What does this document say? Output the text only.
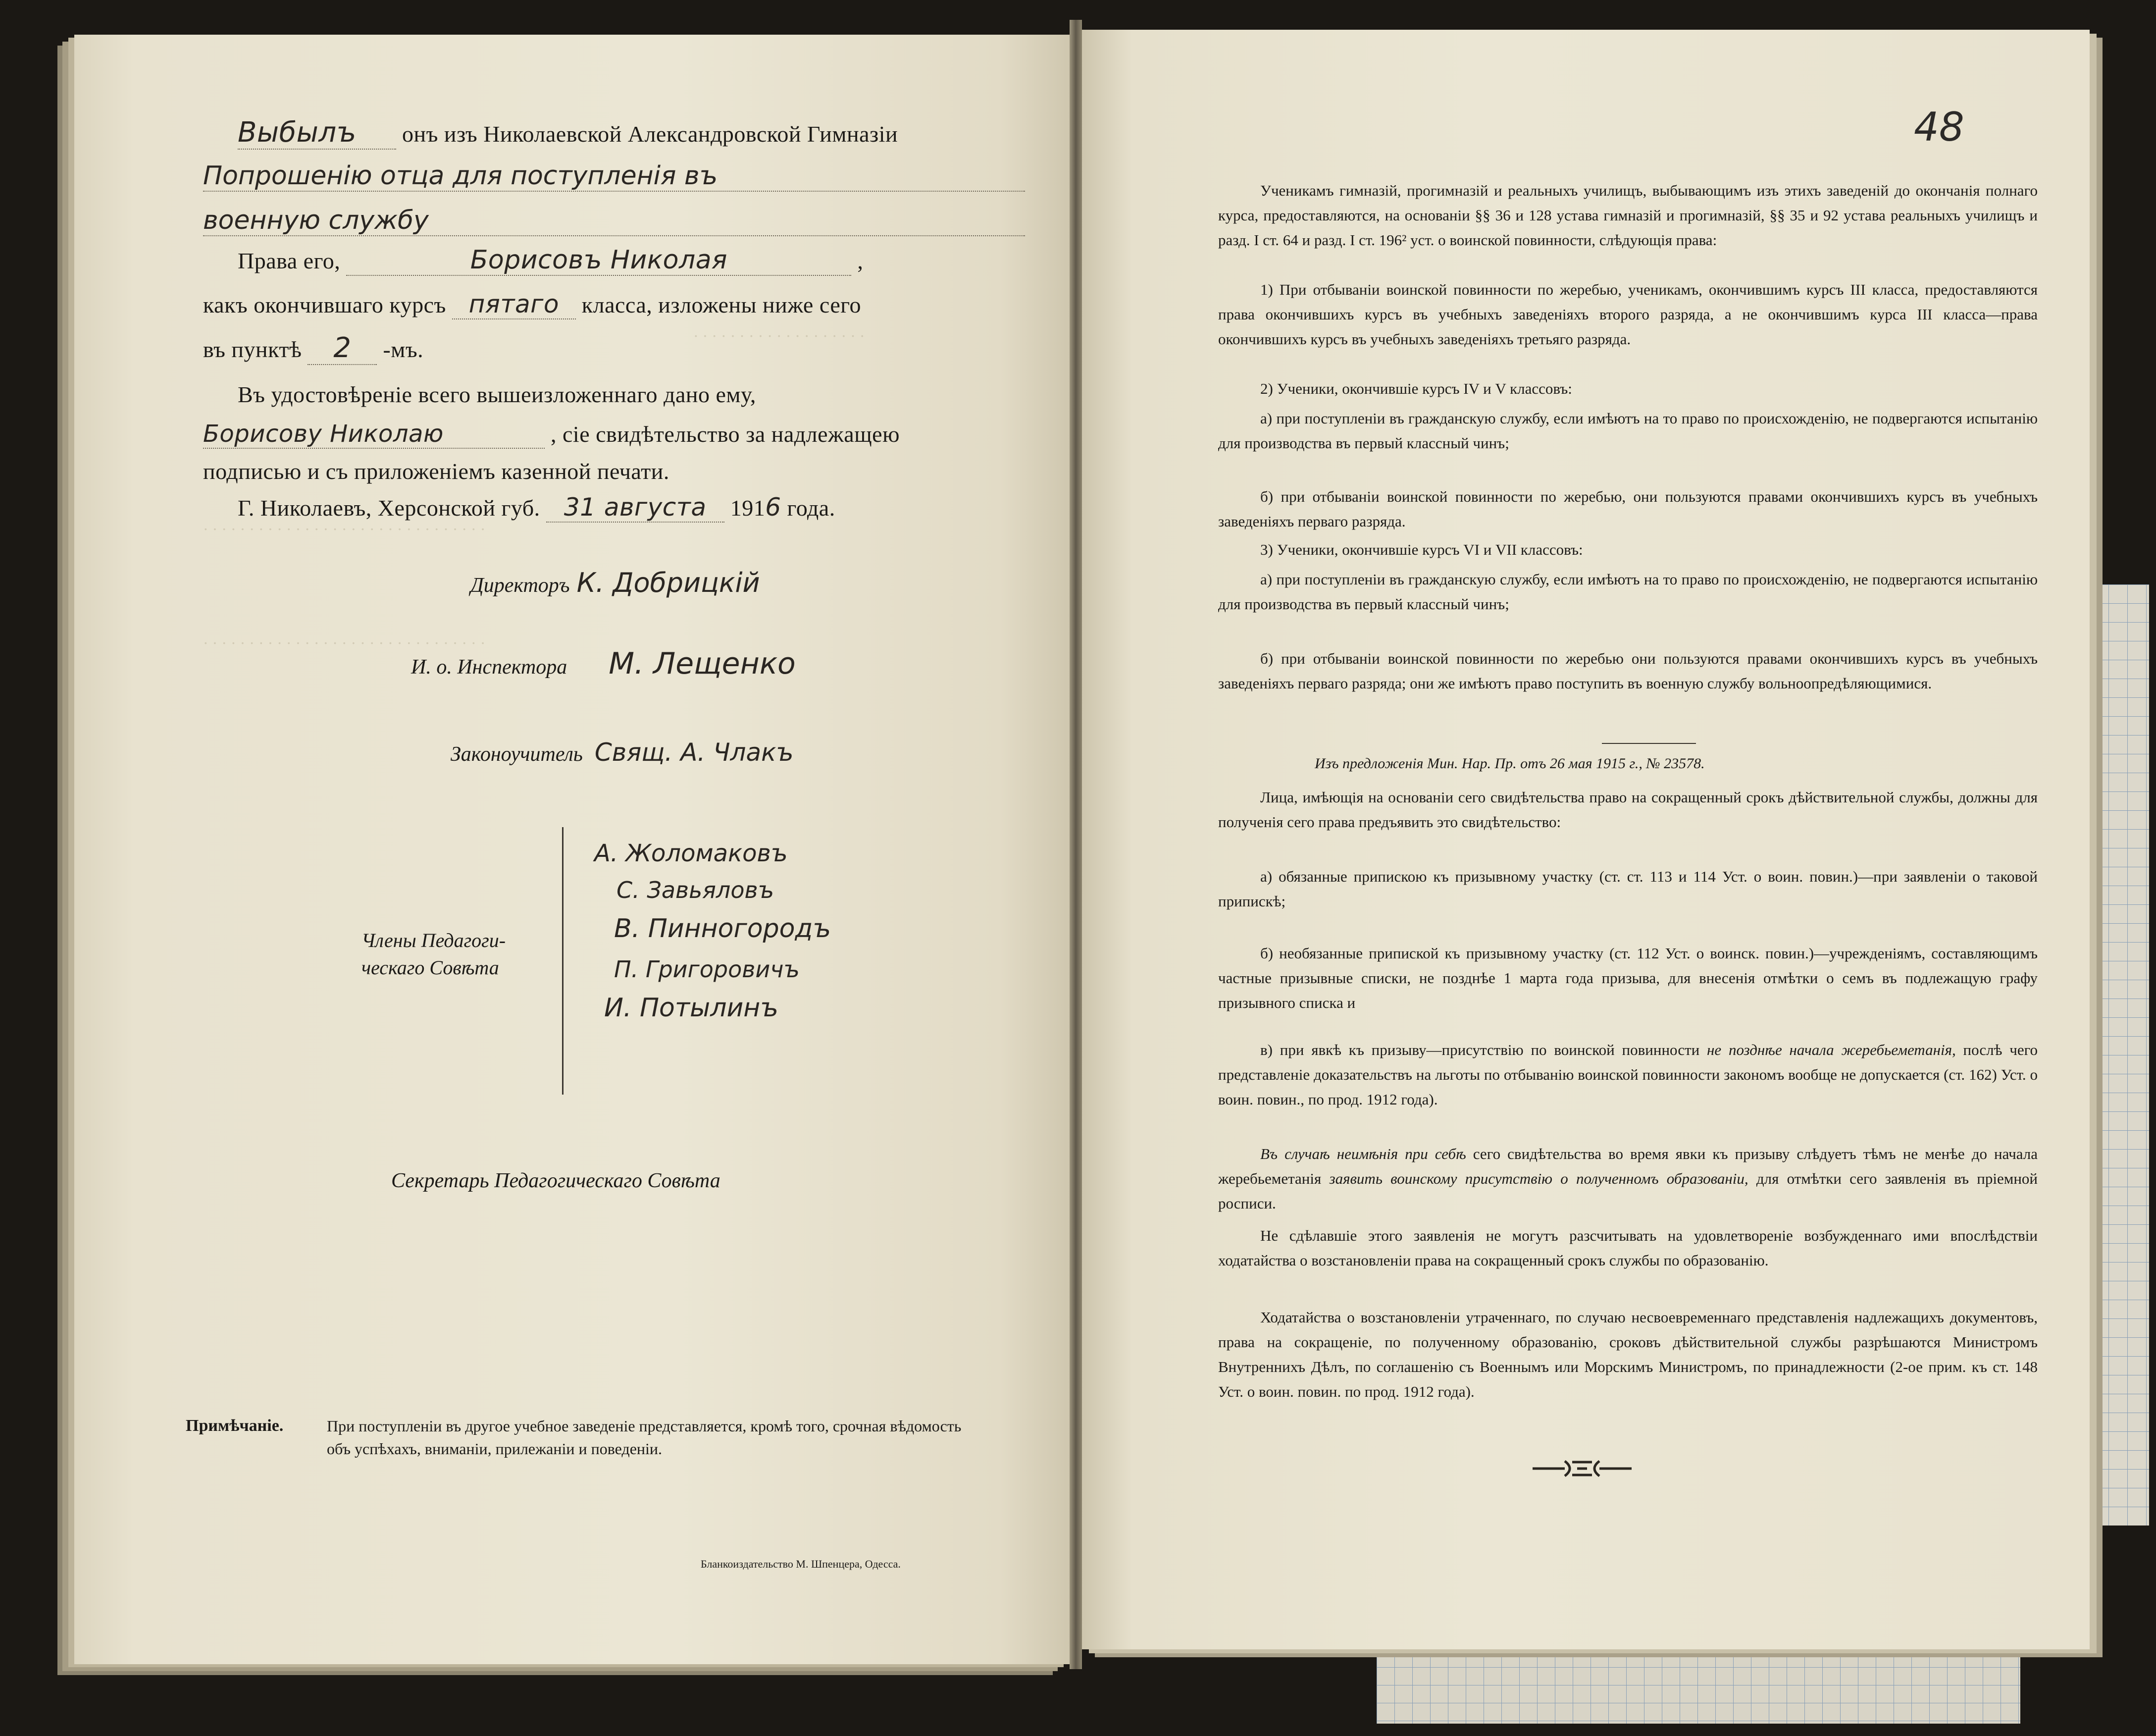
· · · · · · · · · · · · · · · · · · ·
· · · · · · · · · · · · · · · · · · · · · · · · · · · · · · ·
· · · · · · · · · · · · · · · · · · · · · · · · · · · · · · ·
Выбылъ онъ изъ Николаевской Александровской Гимназіи
Попрошенію отца для поступленія въ
военную службу
Права его,	Борисовъ Николая	,
какъ окончившаго курсъ пятаго класса, изложены ниже сего
въ пунктѣ 2 -мъ.
Въ удостовѣреніе всего вышеизложеннаго дано ему,
Борисову Николаю	, сіе свидѣтельство за надлежащею
подписью и съ приложеніемъ казенной печати.
Г. Николаевъ, Херсонской губ. 31 августа 1916 года.
Директоръ К. Добрицкій
И. о. Инспектора М. Лещенко
Законоучитель Свящ. А. Члакъ
Члены Педагоги-
ческаго Совѣта
А. Жоломаковъ
С. Завьяловъ
В. Пинногородъ
П. Григоровичъ
И. Потылинъ
Секретарь Педагогическаго Совѣта
Примѣчаніе.	При поступленіи въ другое учебное заведеніе представляется, кромѣ того, срочная вѣдомость объ успѣхахъ, вниманіи, прилежаніи и поведеніи.
Бланкоиздательство М. Шпенцера, Одесса.
48
Ученикамъ гимназій, прогимназій и реальныхъ училищъ, выбывающимъ изъ этихъ заведеній до окончанія полнаго курса, предоставляются, на основаніи §§ 36 и 128 устава гимназій и прогимназій, §§ 35 и 92 устава реальныхъ училищъ и разд. I ст. 64 и разд. I ст. 196² уст. о воинской повинности, слѣдующія права:
1) При отбываніи воинской повинности по жеребью, ученикамъ, окончившимъ курсъ III класса, предоставляются права окончившихъ курсъ въ учебныхъ заведеніяхъ второго разряда, а не окончившимъ курса III класса—права окончившихъ курсъ въ учебныхъ заведеніяхъ третьяго разряда.
2) Ученики, окончившіе курсъ IV и V классовъ:
а) при поступленіи въ гражданскую службу, если имѣютъ на то право по происхожденію, не подвергаются испытанію для производства въ первый классный чинъ;
б) при отбываніи воинской повинности по жеребью, они пользуются правами окончившихъ курсъ въ учебныхъ заведеніяхъ перваго разряда.
3) Ученики, окончившіе курсъ VI и VII классовъ:
а) при поступленіи въ гражданскую службу, если имѣютъ на то право по происхожденію, не подвергаются испытанію для производства въ первый классный чинъ;
б) при отбываніи воинской повинности по жеребью они пользуются правами окончившихъ курсъ въ учебныхъ заведеніяхъ перваго разряда; они же имѣютъ право поступить въ военную службу вольноопредѣляющимися.
Изъ предложенія Мин. Нар. Пр. отъ 26 мая 1915 г., № 23578.
Лица, имѣющія на основаніи сего свидѣтельства право на сокращенный срокъ дѣйствительной службы, должны для полученія сего права предъявить это свидѣтельство:
а) обязанные припискою къ призывному участку (ст. ст. 113 и 114 Уст. о воин. повин.)—при заявленіи о таковой припискѣ;
б) необязанные припиской къ призывному участку (ст. 112 Уст. о воинск. повин.)—учрежденіямъ, составляющимъ частные призывные списки, не позднѣе 1 марта года призыва, для внесенія отмѣтки о семъ въ подлежащую графу призывного списка и
в) при явкѣ къ призыву—присутствію по воинской повинности не позднѣе начала жеребьеметанія, послѣ чего представленіе доказательствъ на льготы по отбыванію воинской повинности закономъ вообще не допускается (ст. 162) Уст. о воин. повин., по прод. 1912 года).
Въ случаѣ неимѣнія при себѣ сего свидѣтельства во время явки къ призыву слѣдуетъ тѣмъ не менѣе до начала жеребьеметанія заявить воинскому присутствію о полученномъ образованіи, для отмѣтки сего заявленія въ пріемной росписи.
Не сдѣлавшіе этого заявленія не могутъ разсчитывать на удовлетвореніе возбужденнаго ими впослѣдствіи ходатайства о возстановленіи права на сокращенный срокъ службы по образованію.
Ходатайства о возстановленіи утраченнаго, по случаю несвоевременнаго представленія надлежащихъ документовъ, права на сокращеніе, по полученному образованію, сроковъ дѣйствительной службы разрѣшаются Министромъ Внутреннихъ Дѣлъ, по соглашенію съ Военнымъ или Морскимъ Министромъ, по принадлежности (2-ое прим. къ ст. 148 Уст. о воин. повин. по прод. 1912 года).
